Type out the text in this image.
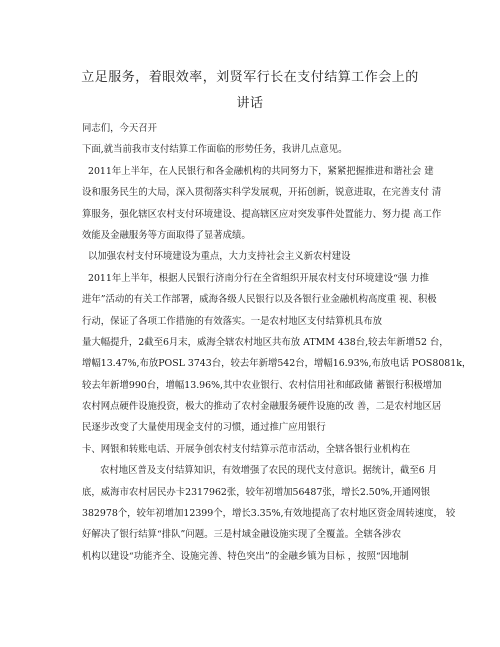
立足服务，着眼效率，刘贤军行长在支付结算工作会上的
讲话
同志们，今天召开
下面,就当前我市支付结算工作面临的形势任务，我讲几点意见。
2011年上半年，在人民银行和各金融机构的共同努力下，紧紧把握推进和谐社会 建
设和服务民生的大局，深入贯彻落实科学发展观，开拓创新，锐意进取，在完善支付 清
算服务，强化辖区农村支付环境建设、提高辖区应对突发事件处置能力、努力提 高工作
效能及金融服务等方面取得了显著成绩。
以加强农村支付环境建设为重点，大力支持社会主义新农村建设
2011年上半年，根据人民银行济南分行在全省组织开展农村支付环境建设“强 力推
进年”活动的有关工作部署，威海各级人民银行以及各银行业金融机构高度重 视、积极
行动，保证了各项工作措施的有效落实。一是农村地区支付结算机具布放
量大幅提升，2截至6月末，威海全辖农村地区共布放 ATMM 438台,较去年新增52 台，
增幅13.47%,布放POSL 3743台，较去年新增542台，增幅16.93%,布放电话 POS8081k，
较去年新增990台，增幅13.96%,其中农业银行、农村信用社和邮政储 蓄银行积极增加
农村网点硬件设施投资，极大的推动了农村金融服务硬件设施的改 善，二是农村地区居
民逐步改变了大量使用现金支付的习惯，通过推广应用银行
卡、网银和转账电话、开展争创农村支付结算示范市活动，全辖各银行业机构在
农村地区普及支付结算知识，有效增强了农民的现代支付意识。据统计，截至6 月
底，威海市农村居民办卡2317962张，较年初增加56487张，增长2.50%,开通网银
382978个，较年初增加12399个，增长3.35%,有效地提高了农村地区资金周转速度， 较
好解决了银行结算“排队”问题。三是村域金融设施实现了全覆盖。全辖各涉农
机构以建设“功能齐全、设施完善、特色突出”的金融乡镇为目标 ，按照“因地制
